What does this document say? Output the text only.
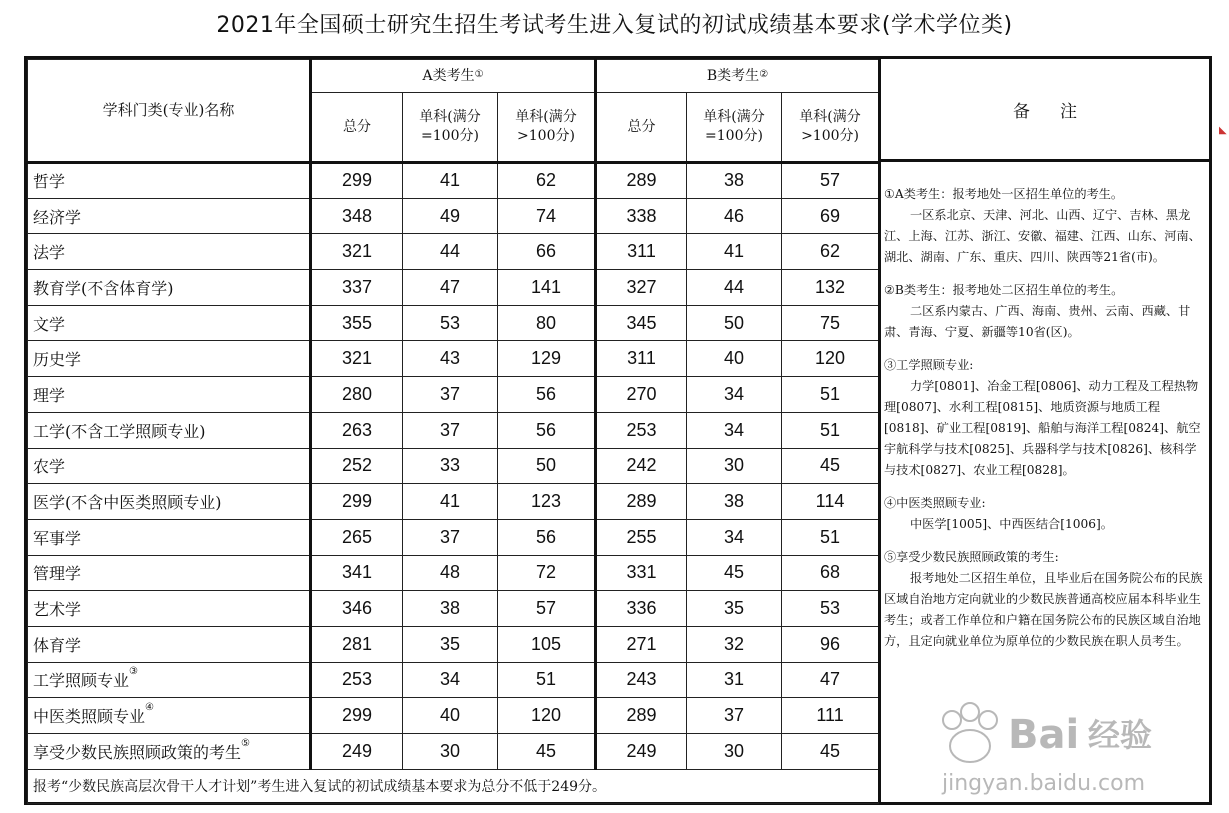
2021年全国硕士研究生招生考试考生进入复试的初试成绩基本要求(学术学位类)
学科门类(专业)名称	A类考生①			B类考生②
	总分	单科(满分=100分)	单科(满分>100分)	总分	单科(满分=100分)	单科(满分>100分)
哲学	299	41	62	289	38	57
经济学	348	49	74	338	46	69
法学	321	44	66	311	41	62
教育学(不含体育学)	337	47	141	327	44	132
文学	355	53	80	345	50	75
历史学	321	43	129	311	40	120
理学	280	37	56	270	34	51
工学(不含工学照顾专业)	263	37	56	253	34	51
农学	252	33	50	242	30	45
医学(不含中医类照顾专业)	299	41	123	289	38	114
军事学	265	37	56	255	34	51
管理学	341	48	72	331	45	68
艺术学	346	38	57	336	35	53
体育学	281	35	105	271	32	96
工学照顾专业③	253	34	51	243	31	47
中医类照顾专业④	299	40	120	289	37	111
享受少数民族照顾政策的考生⑤	249	30	45	249	30	45
报考“少数民族高层次骨干人才计划”考生进入复试的初试成绩基本要求为总分不低于249分。						
备注

①A类考生：报考地处一区招生单位的考生。

一区系北京、天津、河北、山西、辽宁、吉林、黑龙江、上海、江苏、浙江、安徽、福建、江西、山东、河南、湖北、湖南、广东、重庆、四川、陕西等21省(市)。

②B类考生：报考地处二区招生单位的考生。

二区系内蒙古、广西、海南、贵州、云南、西藏、甘肃、青海、宁夏、新疆等10省(区)。

③工学照顾专业:

力学[0801]、冶金工程[0806]、动力工程及工程热物理[0807]、水利工程[0815]、地质资源与地质工程[0818]、矿业工程[0819]、船舶与海洋工程[0824]、航空宇航科学与技术[0825]、兵器科学与技术[0826]、核科学与技术[0827]、农业工程[0828]。

④中医类照顾专业:

中医学[1005]、中西医结合[1006]。

⑤享受少数民族照顾政策的考生:

报考地处二区招生单位，且毕业后在国务院公布的民族区域自治地方定向就业的少数民族普通高校应届本科毕业生考生；或者工作单位和户籍在国务院公布的民族区域自治地方，且定向就业单位为原单位的少数民族在职人员考生。

Bai 经验
jingyan.baidu.com
◣
